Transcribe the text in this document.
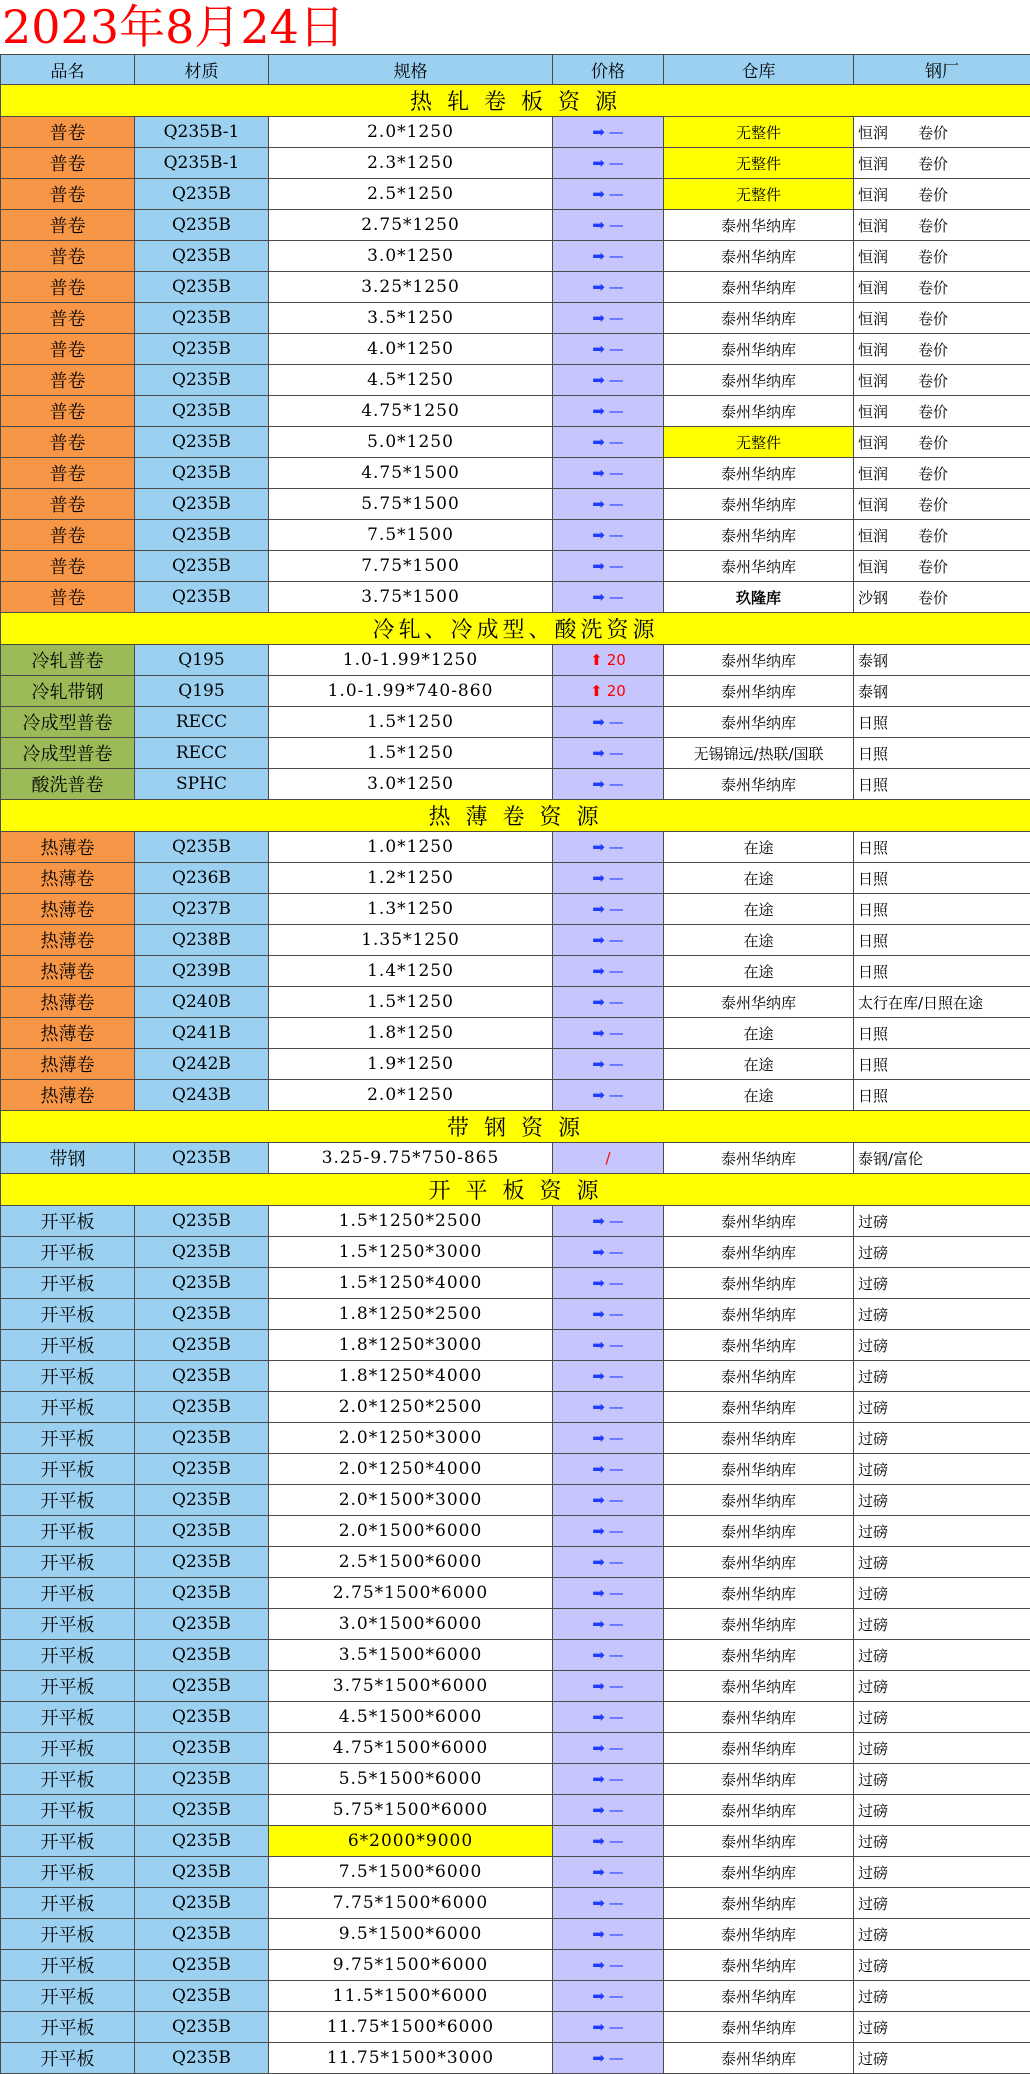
2023年8月24日
品名	材质	规格	价格	仓库	钢厂
热 轧 卷 板 资 源					
普卷	Q235B-1	2.0*1250	➡ —	无整件	恒润　　卷价
普卷	Q235B-1	2.3*1250	➡ —	无整件	恒润　　卷价
普卷	Q235B	2.5*1250	➡ —	无整件	恒润　　卷价
普卷	Q235B	2.75*1250	➡ —	泰州华纳库	恒润　　卷价
普卷	Q235B	3.0*1250	➡ —	泰州华纳库	恒润　　卷价
普卷	Q235B	3.25*1250	➡ —	泰州华纳库	恒润　　卷价
普卷	Q235B	3.5*1250	➡ —	泰州华纳库	恒润　　卷价
普卷	Q235B	4.0*1250	➡ —	泰州华纳库	恒润　　卷价
普卷	Q235B	4.5*1250	➡ —	泰州华纳库	恒润　　卷价
普卷	Q235B	4.75*1250	➡ —	泰州华纳库	恒润　　卷价
普卷	Q235B	5.0*1250	➡ —	无整件	恒润　　卷价
普卷	Q235B	4.75*1500	➡ —	泰州华纳库	恒润　　卷价
普卷	Q235B	5.75*1500	➡ —	泰州华纳库	恒润　　卷价
普卷	Q235B	7.5*1500	➡ —	泰州华纳库	恒润　　卷价
普卷	Q235B	7.75*1500	➡ —	泰州华纳库	恒润　　卷价
普卷	Q235B	3.75*1500	➡ —	玖隆库	沙钢　　卷价
冷轧、冷成型、酸洗资源					
冷轧普卷	Q195	1.0-1.99*1250	⬆ 20	泰州华纳库	泰钢
冷轧带钢	Q195	1.0-1.99*740-860	⬆ 20	泰州华纳库	泰钢
冷成型普卷	RECC	1.5*1250	➡ —	泰州华纳库	日照
冷成型普卷	RECC	1.5*1250	➡ —	无锡锦远/热联/国联	日照
酸洗普卷	SPHC	3.0*1250	➡ —	泰州华纳库	日照
热 薄 卷 资 源					
热薄卷	Q235B	1.0*1250	➡ —	在途	日照
热薄卷	Q236B	1.2*1250	➡ —	在途	日照
热薄卷	Q237B	1.3*1250	➡ —	在途	日照
热薄卷	Q238B	1.35*1250	➡ —	在途	日照
热薄卷	Q239B	1.4*1250	➡ —	在途	日照
热薄卷	Q240B	1.5*1250	➡ —	泰州华纳库	太行在库/日照在途
热薄卷	Q241B	1.8*1250	➡ —	在途	日照
热薄卷	Q242B	1.9*1250	➡ —	在途	日照
热薄卷	Q243B	2.0*1250	➡ —	在途	日照
带 钢 资 源					
带钢	Q235B	3.25-9.75*750-865	/	泰州华纳库	泰钢/富伦
开 平 板 资 源					
开平板	Q235B	1.5*1250*2500	➡ —	泰州华纳库	过磅
开平板	Q235B	1.5*1250*3000	➡ —	泰州华纳库	过磅
开平板	Q235B	1.5*1250*4000	➡ —	泰州华纳库	过磅
开平板	Q235B	1.8*1250*2500	➡ —	泰州华纳库	过磅
开平板	Q235B	1.8*1250*3000	➡ —	泰州华纳库	过磅
开平板	Q235B	1.8*1250*4000	➡ —	泰州华纳库	过磅
开平板	Q235B	2.0*1250*2500	➡ —	泰州华纳库	过磅
开平板	Q235B	2.0*1250*3000	➡ —	泰州华纳库	过磅
开平板	Q235B	2.0*1250*4000	➡ —	泰州华纳库	过磅
开平板	Q235B	2.0*1500*3000	➡ —	泰州华纳库	过磅
开平板	Q235B	2.0*1500*6000	➡ —	泰州华纳库	过磅
开平板	Q235B	2.5*1500*6000	➡ —	泰州华纳库	过磅
开平板	Q235B	2.75*1500*6000	➡ —	泰州华纳库	过磅
开平板	Q235B	3.0*1500*6000	➡ —	泰州华纳库	过磅
开平板	Q235B	3.5*1500*6000	➡ —	泰州华纳库	过磅
开平板	Q235B	3.75*1500*6000	➡ —	泰州华纳库	过磅
开平板	Q235B	4.5*1500*6000	➡ —	泰州华纳库	过磅
开平板	Q235B	4.75*1500*6000	➡ —	泰州华纳库	过磅
开平板	Q235B	5.5*1500*6000	➡ —	泰州华纳库	过磅
开平板	Q235B	5.75*1500*6000	➡ —	泰州华纳库	过磅
开平板	Q235B	6*2000*9000	➡ —	泰州华纳库	过磅
开平板	Q235B	7.5*1500*6000	➡ —	泰州华纳库	过磅
开平板	Q235B	7.75*1500*6000	➡ —	泰州华纳库	过磅
开平板	Q235B	9.5*1500*6000	➡ —	泰州华纳库	过磅
开平板	Q235B	9.75*1500*6000	➡ —	泰州华纳库	过磅
开平板	Q235B	11.5*1500*6000	➡ —	泰州华纳库	过磅
开平板	Q235B	11.75*1500*6000	➡ —	泰州华纳库	过磅
开平板	Q235B	11.75*1500*3000	➡ —	泰州华纳库	过磅
